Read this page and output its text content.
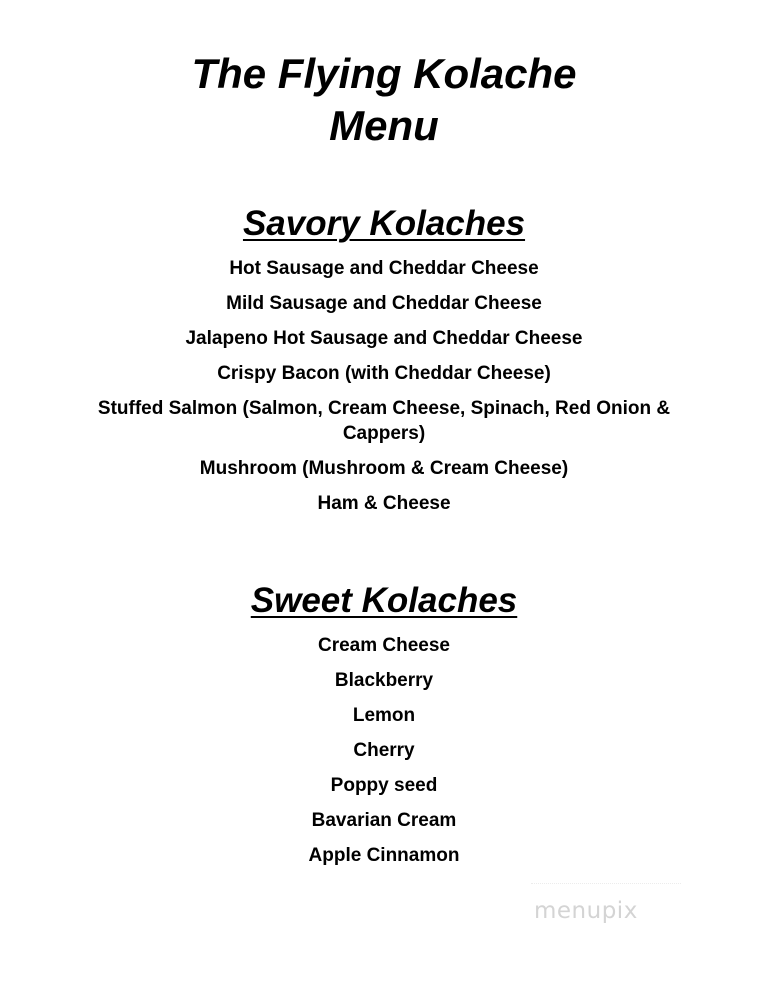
The Flying Kolache
Menu
Savory Kolaches
Hot Sausage and Cheddar Cheese
Mild Sausage and Cheddar Cheese
Jalapeno Hot Sausage and Cheddar Cheese
Crispy Bacon (with Cheddar Cheese)
Stuffed Salmon (Salmon, Cream Cheese, Spinach, Red Onion & Cappers)
Mushroom (Mushroom & Cream Cheese)
Ham & Cheese
Sweet Kolaches
Cream Cheese
Blackberry
Lemon
Cherry
Poppy seed
Bavarian Cream
Apple Cinnamon
menupix
